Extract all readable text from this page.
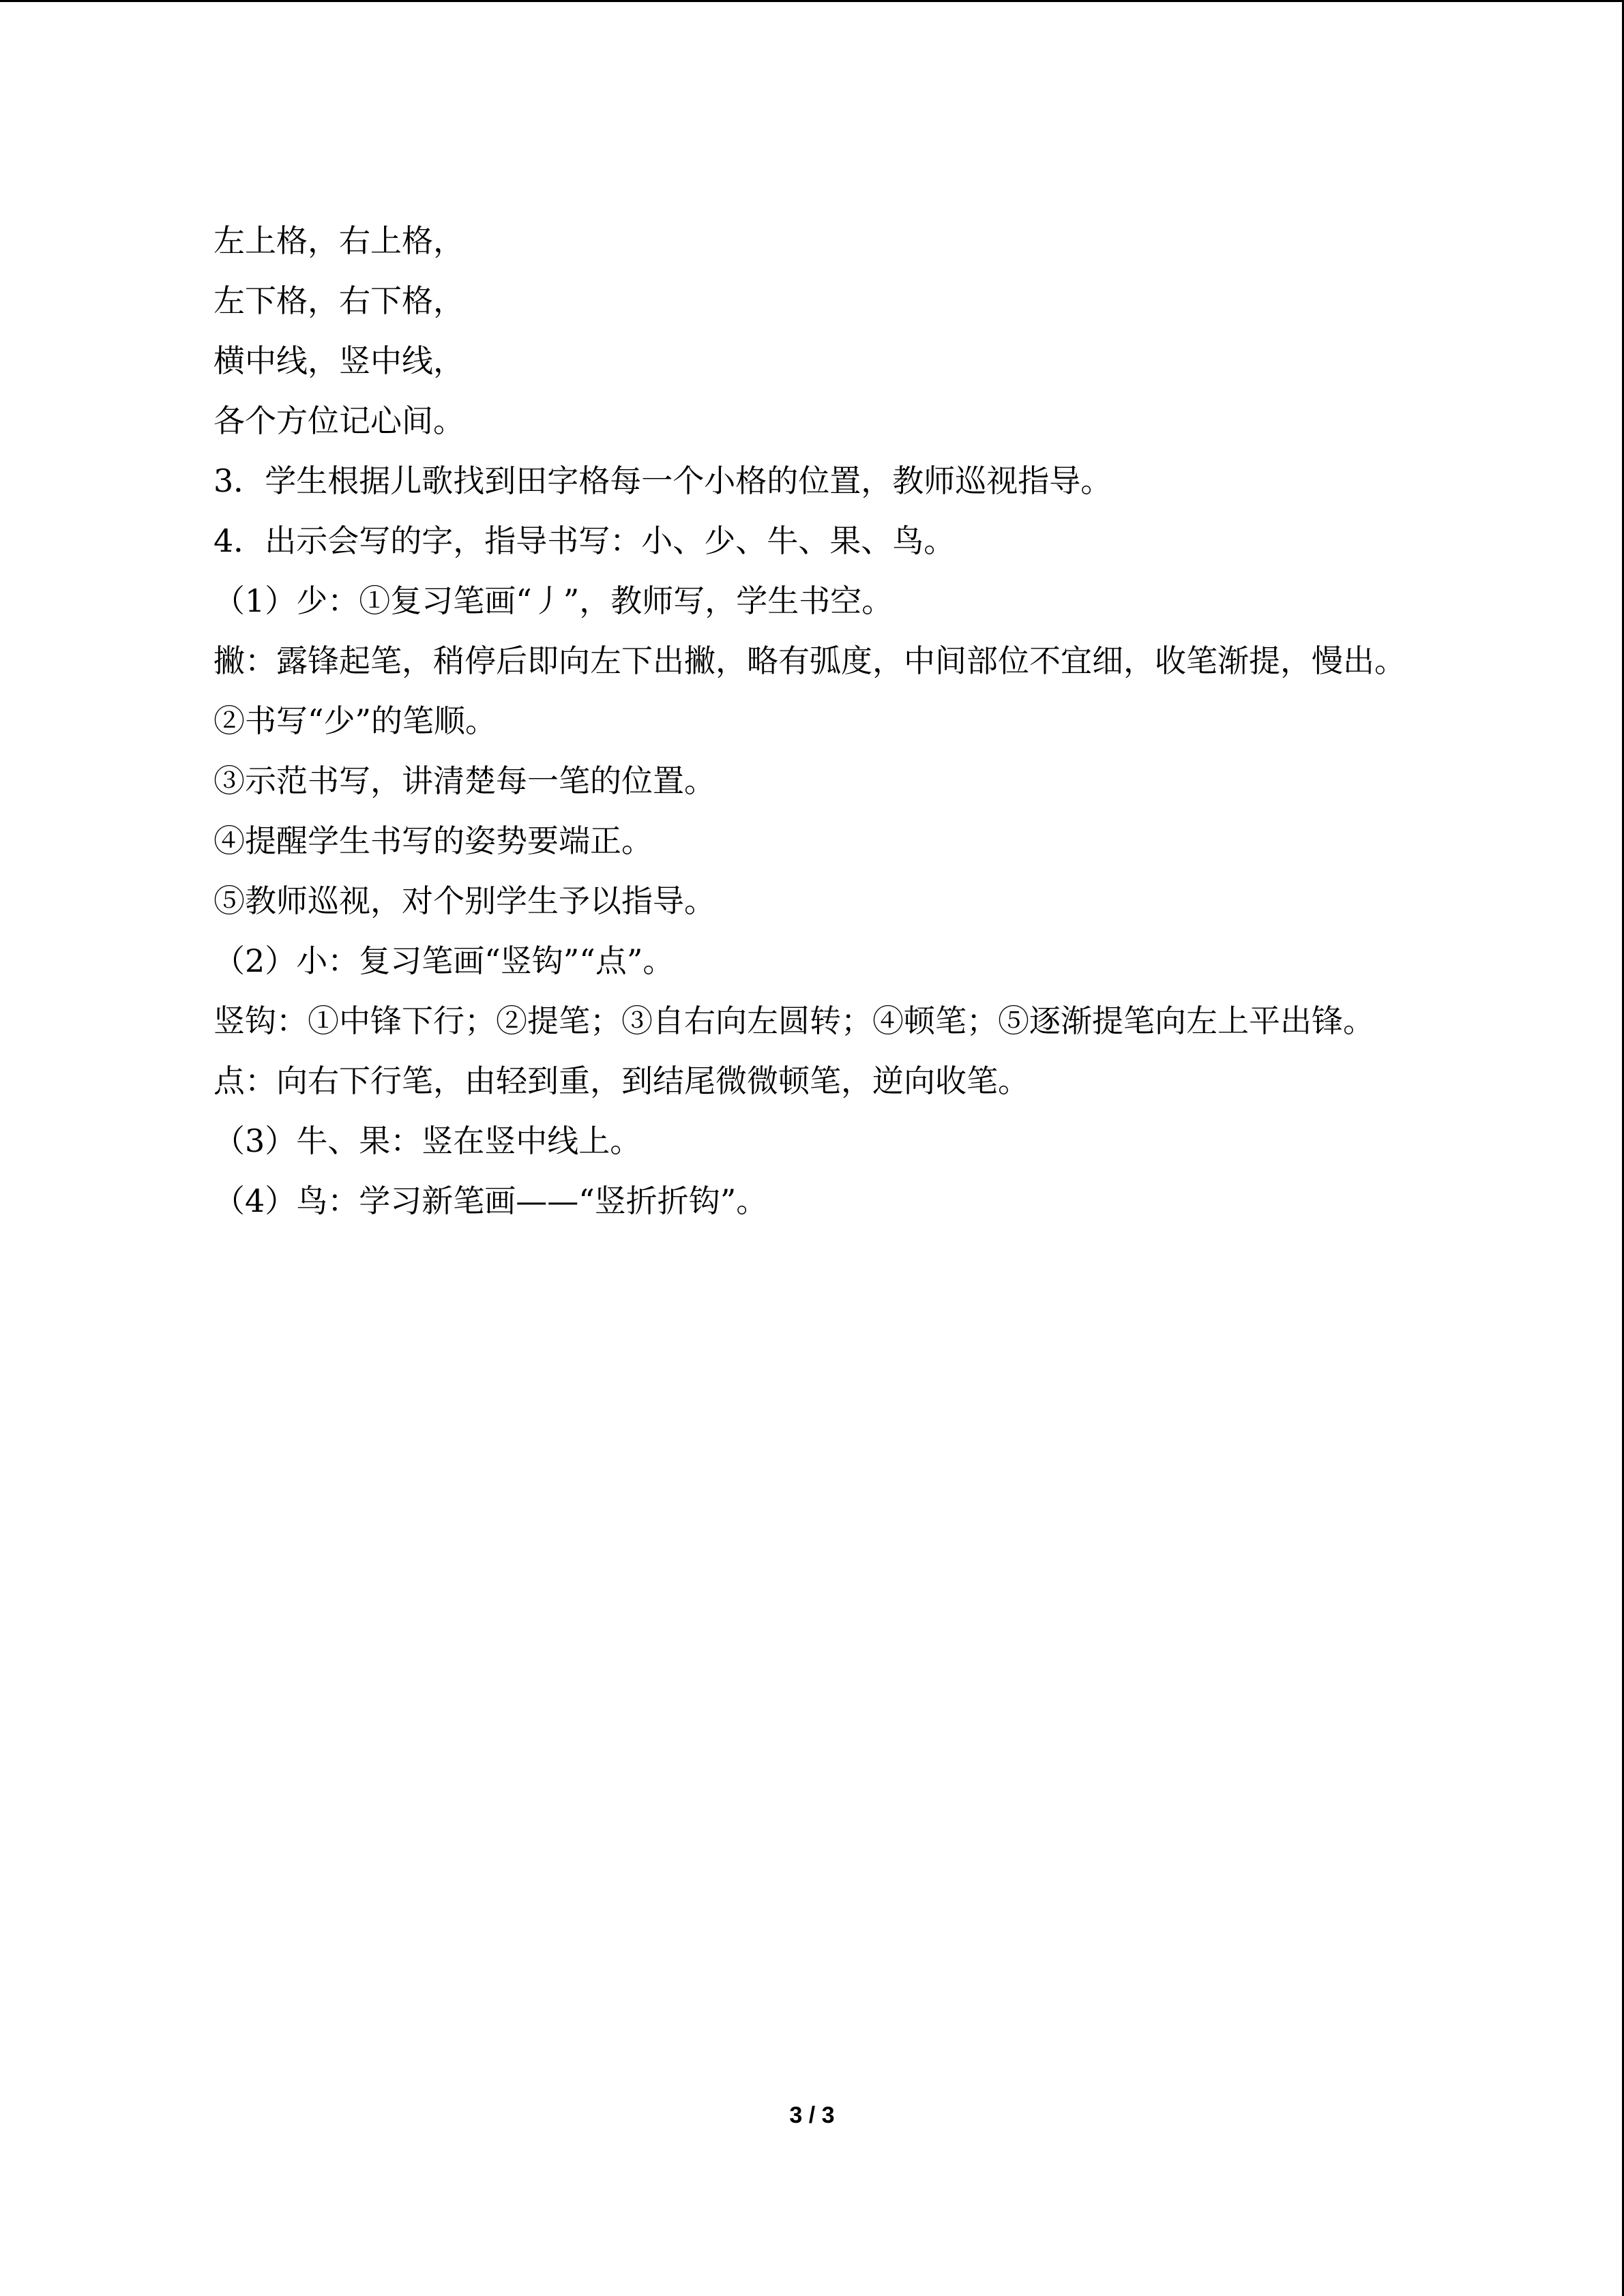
左上格，右上格，
左下格，右下格，
横中线，竖中线，
各个方位记心间。
3．学生根据儿歌找到田字格每一个小格的位置，教师巡视指导。
4．出示会写的字，指导书写：小、少、牛、果、鸟。
（1）少：①复习笔画“丿”，教师写，学生书空。
撇：露锋起笔，稍停后即向左下出撇，略有弧度，中间部位不宜细，收笔渐提，慢出。
②书写“少”的笔顺。
③示范书写，讲清楚每一笔的位置。
④提醒学生书写的姿势要端正。
⑤教师巡视，对个别学生予以指导。
（2）小：复习笔画“竖钩”“点”。
竖钩：①中锋下行；②提笔；③自右向左圆转；④顿笔；⑤逐渐提笔向左上平出锋。
点：向右下行笔，由轻到重，到结尾微微顿笔，逆向收笔。
（3）牛、果：竖在竖中线上。
（4）鸟：学习新笔画——“竖折折钩”。
3 / 3
